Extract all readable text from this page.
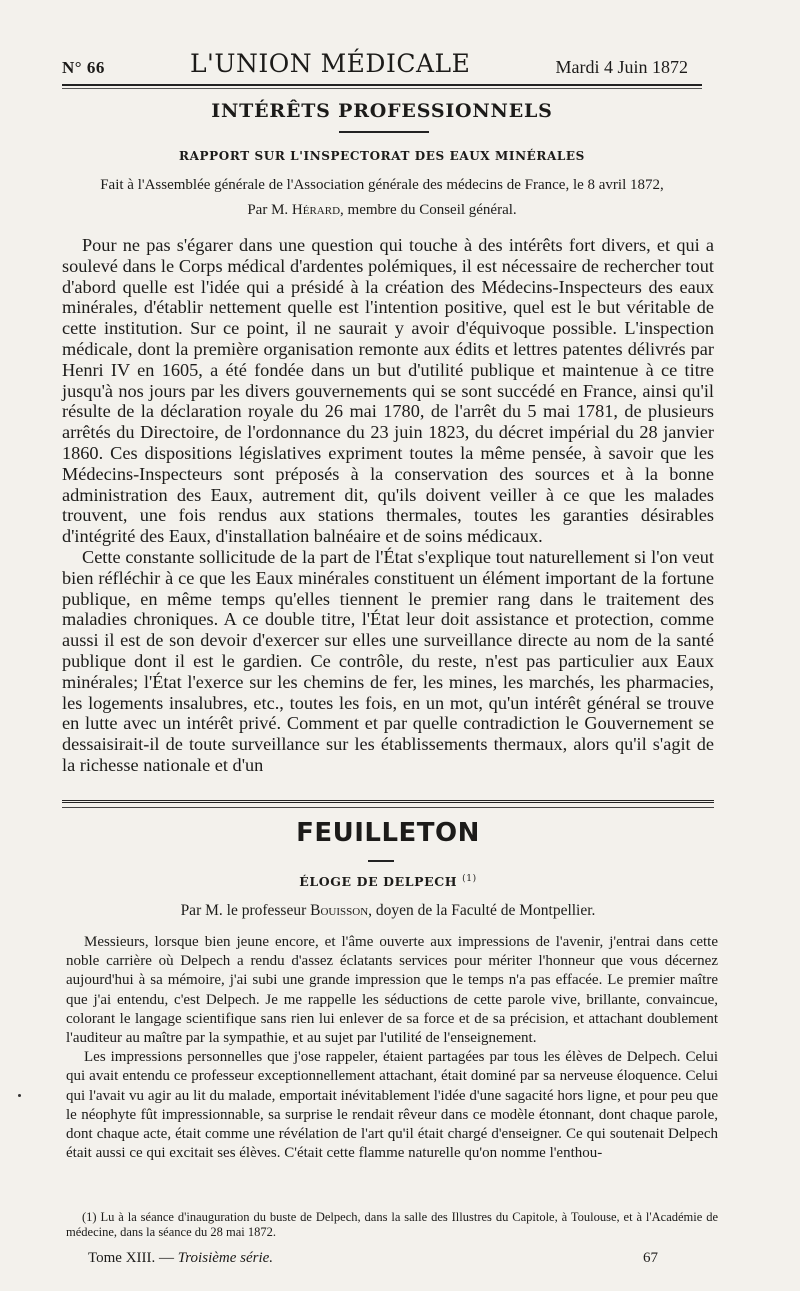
N° 66	L'UNION MÉDICALE	Mardi 4 Juin 1872
INTÉRÊTS PROFESSIONNELS
RAPPORT SUR L'INSPECTORAT DES EAUX MINÉRALES
Fait à l'Assemblée générale de l'Association générale des médecins de France, le 8 avril 1872,
Par M. Hérard, membre du Conseil général.

Pour ne pas s'égarer dans une question qui touche à des intérêts fort divers, et qui a soulevé dans le Corps médical d'ardentes polémiques, il est nécessaire de rechercher tout d'abord quelle est l'idée qui a présidé à la création des Médecins-Inspecteurs des eaux minérales, d'établir nettement quelle est l'intention positive, quel est le but véritable de cette institution. Sur ce point, il ne saurait y avoir d'équivoque possible. L'inspection médicale, dont la première organisation remonte aux édits et lettres patentes délivrés par Henri IV en 1605, a été fondée dans un but d'utilité publique et maintenue à ce titre jusqu'à nos jours par les divers gouvernements qui se sont succédé en France, ainsi qu'il résulte de la déclaration royale du 26 mai 1780, de l'arrêt du 5 mai 1781, de plusieurs arrêtés du Directoire, de l'ordonnance du 23 juin 1823, du décret impérial du 28 janvier 1860. Ces dispositions législatives expriment toutes la même pensée, à savoir que les Médecins-Inspecteurs sont préposés à la conservation des sources et à la bonne administration des Eaux, autrement dit, qu'ils doivent veiller à ce que les malades trouvent, une fois rendus aux stations thermales, toutes les garanties désirables d'intégrité des Eaux, d'installation balnéaire et de soins médicaux.

Cette constante sollicitude de la part de l'État s'explique tout naturellement si l'on veut bien réfléchir à ce que les Eaux minérales constituent un élément important de la fortune publique, en même temps qu'elles tiennent le premier rang dans le traitement des maladies chroniques. A ce double titre, l'État leur doit assistance et protection, comme aussi il est de son devoir d'exercer sur elles une surveillance directe au nom de la santé publique dont il est le gardien. Ce contrôle, du reste, n'est pas particulier aux Eaux minérales; l'État l'exerce sur les chemins de fer, les mines, les marchés, les pharmacies, les logements insalubres, etc., toutes les fois, en un mot, qu'un intérêt général se trouve en lutte avec un intérêt privé. Comment et par quelle contradiction le Gouvernement se dessaisirait-il de toute surveillance sur les établissements thermaux, alors qu'il s'agit de la richesse nationale et d'un

FEUILLETON
ÉLOGE DE DELPECH $^{(1)}$
Par M. le professeur Bouisson, doyen de la Faculté de Montpellier.

Messieurs, lorsque bien jeune encore, et l'âme ouverte aux impressions de l'avenir, j'entrai dans cette noble carrière où Delpech a rendu d'assez éclatants services pour mériter l'honneur que vous décernez aujourd'hui à sa mémoire, j'ai subi une grande impression que le temps n'a pas effacée. Le premier maître que j'ai entendu, c'est Delpech. Je me rappelle les séductions de cette parole vive, brillante, convaincue, colorant le langage scientifique sans rien lui enlever de sa force et de sa précision, et attachant doublement l'auditeur au maître par la sympathie, et au sujet par l'utilité de l'enseignement.

Les impressions personnelles que j'ose rappeler, étaient partagées par tous les élèves de Delpech. Celui qui avait entendu ce professeur exceptionnellement attachant, était dominé par sa nerveuse éloquence. Celui qui l'avait vu agir au lit du malade, emportait inévitablement l'idée d'une sagacité hors ligne, et pour peu que le néophyte fût impressionnable, sa surprise le rendait rêveur dans ce modèle étonnant, dont chaque parole, dont chaque acte, était comme une révélation de l'art qu'il était chargé d'enseigner. Ce qui soutenait Delpech était aussi ce qui excitait ses élèves. C'était cette flamme naturelle qu'on nomme l'enthou-

(1) Lu à la séance d'inauguration du buste de Delpech, dans la salle des Illustres du Capitole, à Toulouse, et à l'Académie de médecine, dans la séance du 28 mai 1872.

Tome XIII. — Troisième série.	67
